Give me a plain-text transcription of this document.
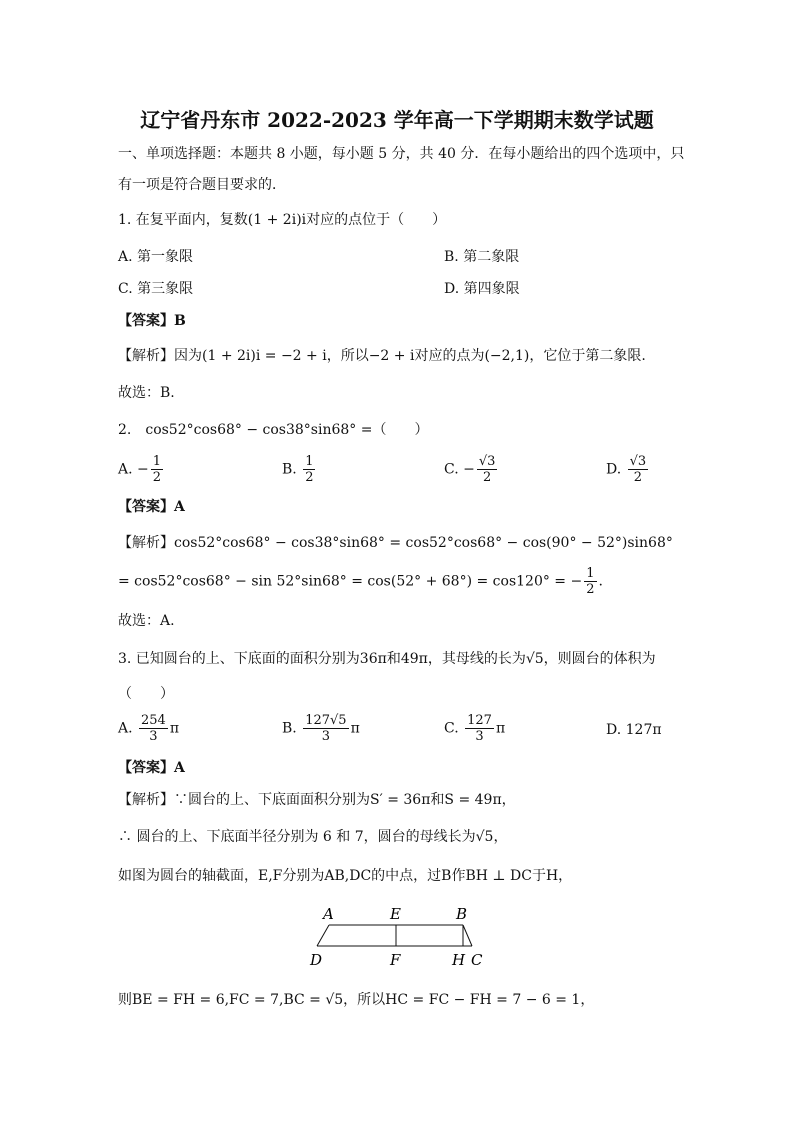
辽宁省丹东市 2022-2023 学年高一下学期期末数学试题
一、单项选择题：本题共 8 小题，每小题 5 分，共 40 分．在每小题给出的四个选项中，只
有一项是符合题目要求的．
1. 在复平面内，复数(1 + 2i)i对应的点位于（　　）
A. 第一象限	B. 第二象限
C. 第三象限	D. 第四象限
【答案】B
【解析】因为(1 + 2i)i = −2 + i，所以−2 + i对应的点为(−2,1)，它位于第二象限.
故选：B.
2.　cos52°cos68° − cos38°sin68° =（　　）
A. − $\frac{1}{2}$	B. $\frac{1}{2}$	C. − $\frac{√3}{2}$	D. $\frac{√3}{2}$
【答案】A
【解析】cos52°cos68° − cos38°sin68° = cos52°cos68° − cos(90° − 52°)sin68°
= cos52°cos68° − sin 52°sin68° = cos(52° + 68°) = cos120° = − $\frac{1}{2}$ .
故选：A.
3. 已知圆台的上、下底面的面积分别为36π和49π，其母线的长为√5，则圆台的体积为
（　　）
A. $\frac{254}{3}$ π	B. $\frac{127√5}{3}$ π	C. $\frac{127}{3}$ π	D. 127π
【答案】A
【解析】∵圆台的上、下底面面积分别为S′ = 36π和S = 49π，
∴ 圆台的上、下底面半径分别为 6 和 7，圆台的母线长为√5，
如图为圆台的轴截面，E,F分别为AB,DC的中点，过B作BH ⊥ DC于H，
A	E	B
D	F	H C
则BE = FH = 6,FC = 7,BC = √5，所以HC = FC − FH = 7 − 6 = 1，
